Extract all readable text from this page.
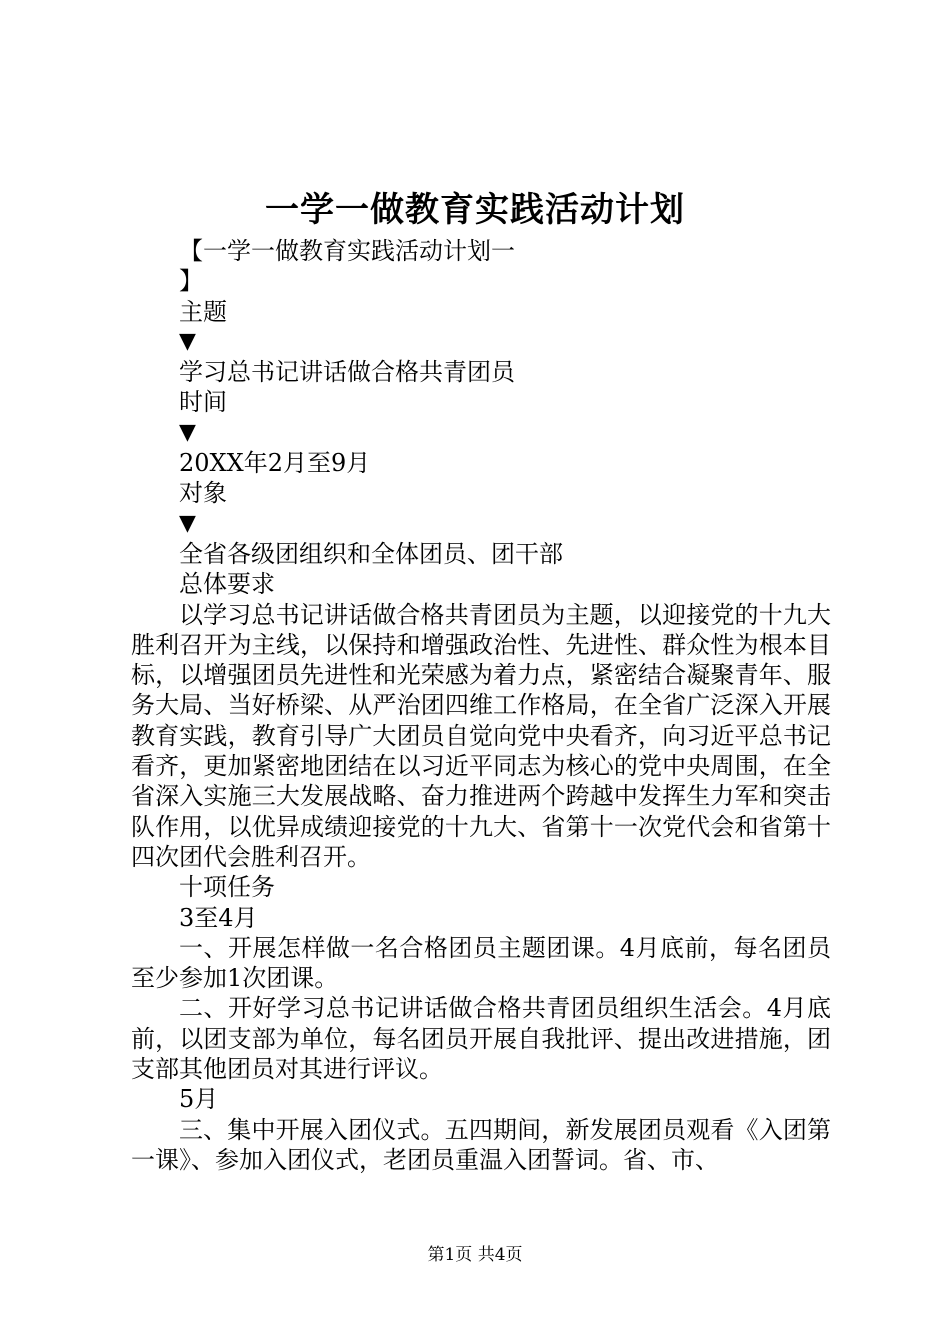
一学一做教育实践活动计划
【一学一做教育实践活动计划一
】
主题
▼
学习总书记讲话做合格共青团员
时间
▼
20XX年2月至9月
对象
▼
全省各级团组织和全体团员、团干部
总体要求

以学习总书记讲话做合格共青团员为主题，以迎接党的十九大胜利召开为主线，以保持和增强政治性、先进性、群众性为根本目标，以增强团员先进性和光荣感为着力点，紧密结合凝聚青年、服务大局、当好桥梁、从严治团四维工作格局，在全省广泛深入开展教育实践，教育引导广大团员自觉向党中央看齐，向习近平总书记看齐，更加紧密地团结在以习近平同志为核心的党中央周围，在全省深入实施三大发展战略、奋力推进两个跨越中发挥生力军和突击队作用，以优异成绩迎接党的十九大、省第十一次党代会和省第十四次团代会胜利召开。

十项任务
3至4月

一、开展怎样做一名合格团员主题团课。4月底前，每名团员至少参加1次团课。

二、开好学习总书记讲话做合格共青团员组织生活会。4月底前，以团支部为单位，每名团员开展自我批评、提出改进措施，团支部其他团员对其进行评议。

5月

三、集中开展入团仪式。五四期间，新发展团员观看《入团第一课》、参加入团仪式，老团员重温入团誓词。省、市、

第1页 共4页
